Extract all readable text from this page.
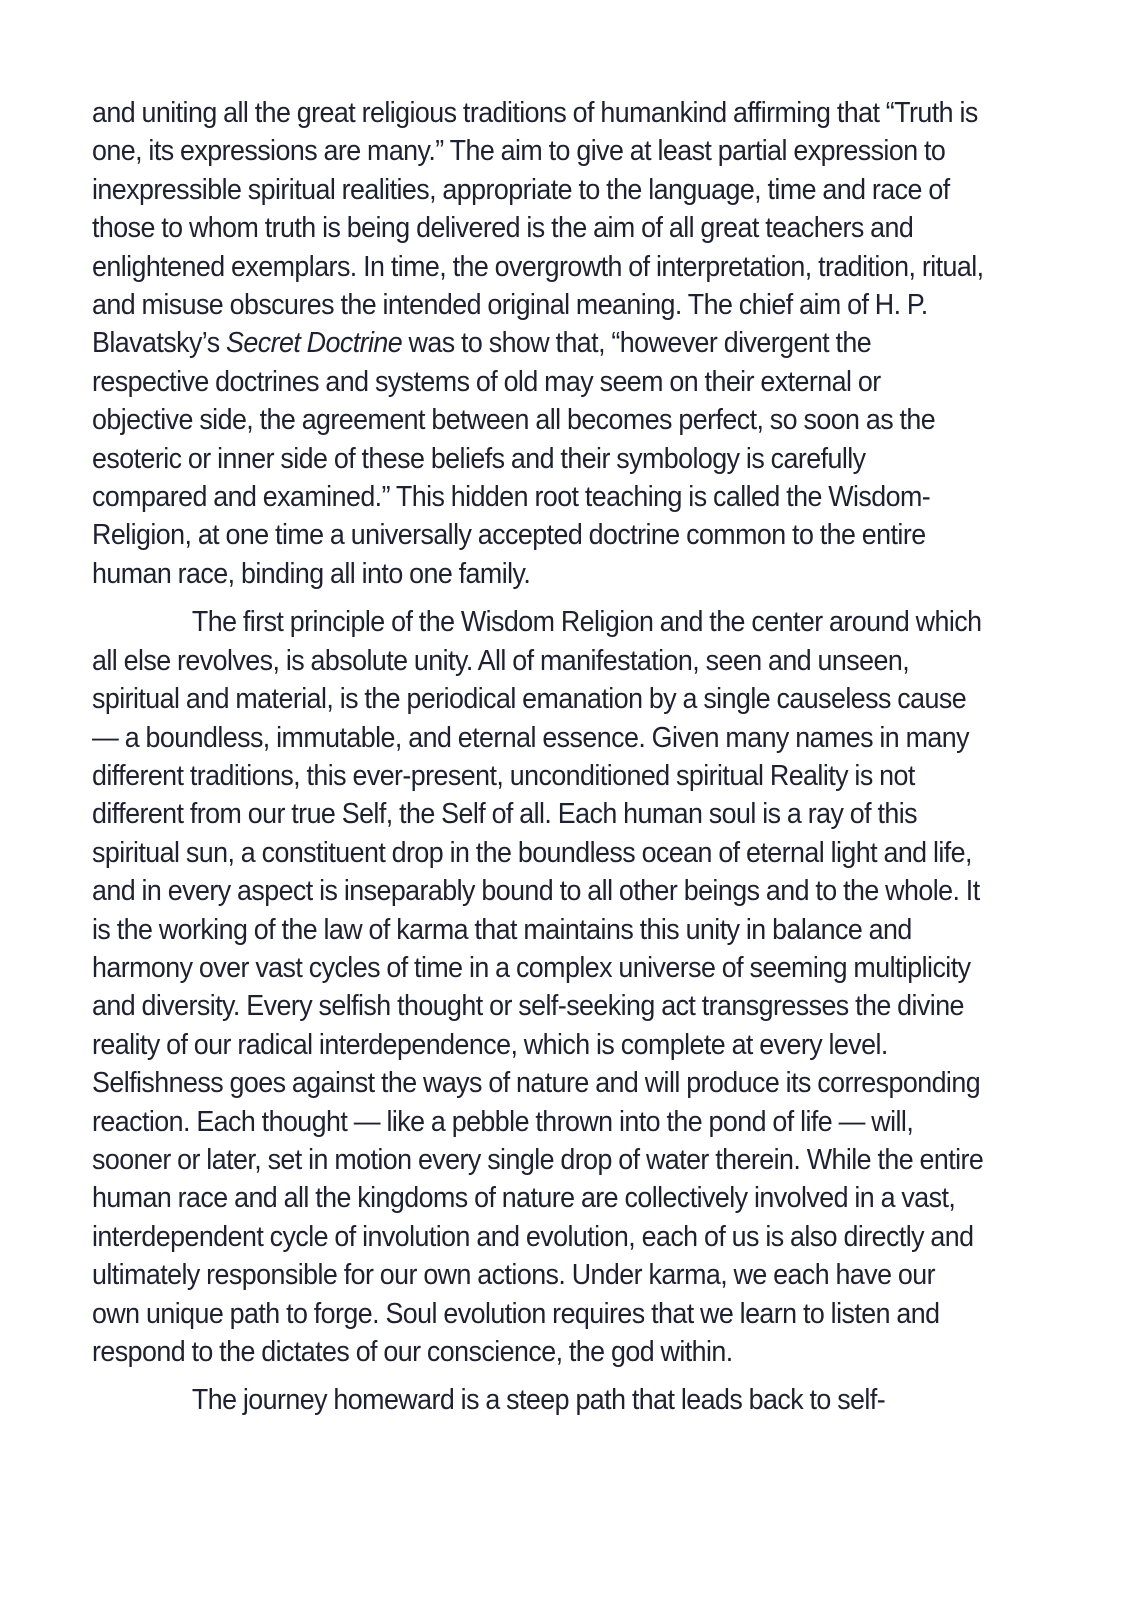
and uniting all the great religious traditions of humankind affirming that “Truth is one, its expressions are many.” The aim to give at least partial expression to inexpressible spiritual realities, appropriate to the language, time and race of those to whom truth is being delivered is the aim of all great teachers and enlightened exemplars. In time, the overgrowth of interpretation, tradition, ritual, and misuse obscures the intended original meaning. The chief aim of H. P. Blavatsky’s Secret Doctrine was to show that, “however divergent the respective doctrines and systems of old may seem on their external or objective side, the agreement between all becomes perfect, so soon as the esoteric or inner side of these beliefs and their symbology is carefully compared and examined.” This hidden root teaching is called the Wisdom-Religion, at one time a universally accepted doctrine common to the entire human race, binding all into one family.

The first principle of the Wisdom Religion and the center around which all else revolves, is absolute unity. All of manifestation, seen and unseen, spiritual and material, is the periodical emanation by a single causeless cause — a boundless, immutable, and eternal essence. Given many names in many different traditions, this ever-present, unconditioned spiritual Reality is not different from our true Self, the Self of all. Each human soul is a ray of this spiritual sun, a constituent drop in the boundless ocean of eternal light and life, and in every aspect is inseparably bound to all other beings and to the whole. It is the working of the law of karma that maintains this unity in balance and harmony over vast cycles of time in a complex universe of seeming multiplicity and diversity. Every selfish thought or self-seeking act transgresses the divine reality of our radical interdependence, which is complete at every level. Selfishness goes against the ways of nature and will produce its corresponding reaction. Each thought — like a pebble thrown into the pond of life — will, sooner or later, set in motion every single drop of water therein. While the entire human race and all the kingdoms of nature are collectively involved in a vast, interdependent cycle of involution and evolution, each of us is also directly and ultimately responsible for our own actions. Under karma, we each have our own unique path to forge. Soul evolution requires that we learn to listen and respond to the dictates of our conscience, the god within.

The journey homeward is a steep path that leads back to self-
